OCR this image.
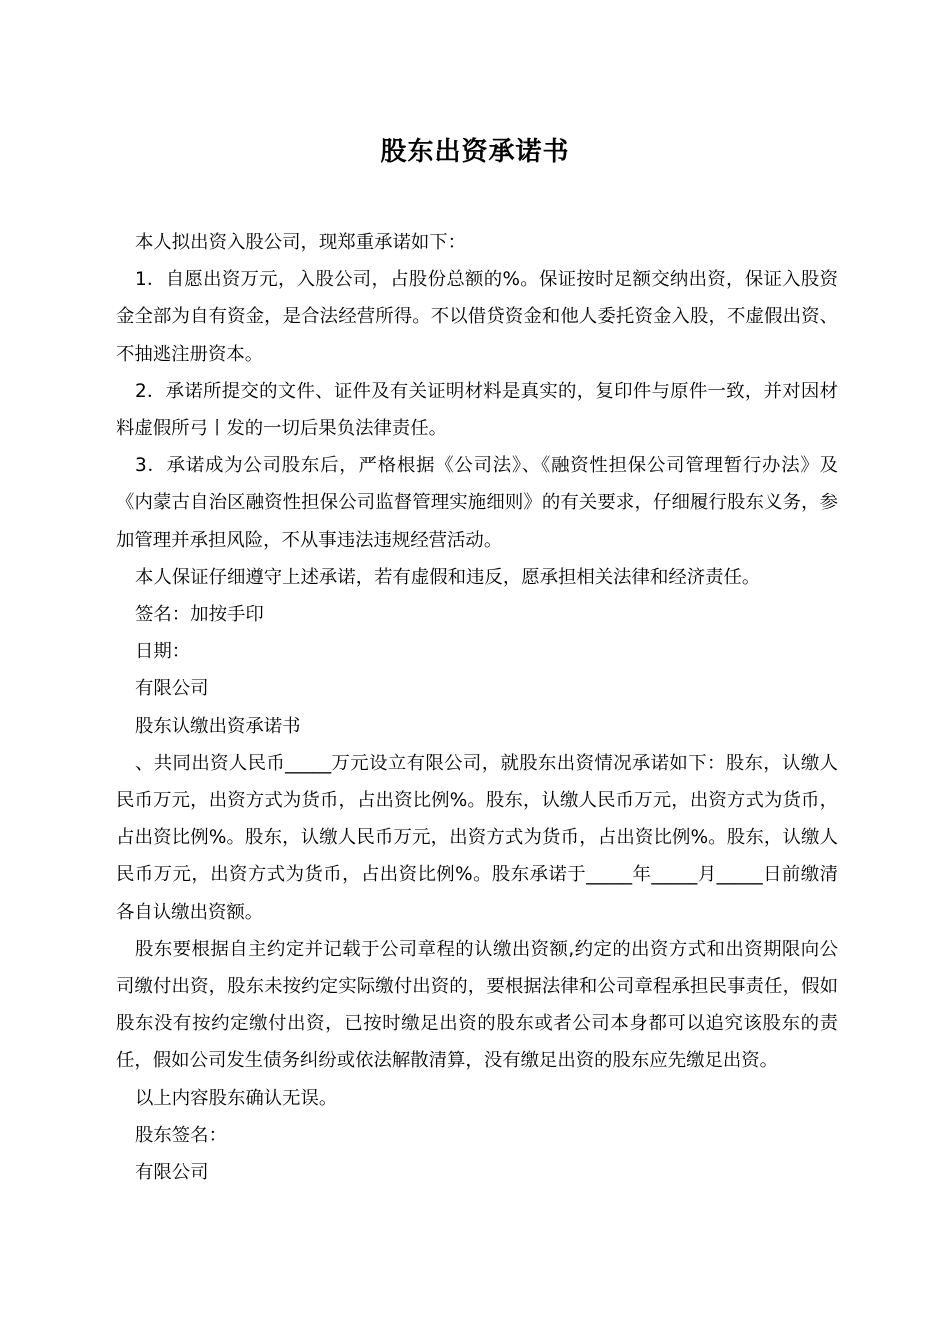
股东出资承诺书

本人拟出资入股公司，现郑重承诺如下：

1．自愿出资万元，入股公司，占股份总额的%。保证按时足额交纳出资，保证入股资金全部为自有资金，是合法经营所得。不以借贷资金和他人委托资金入股，不虚假出资、不抽逃注册资本。

2．承诺所提交的文件、证件及有关证明材料是真实的，复印件与原件一致，并对因材料虚假所弓丨发的一切后果负法律责任。

3．承诺成为公司股东后，严格根据《公司法》、《融资性担保公司管理暂行办法》及《内蒙古自治区融资性担保公司监督管理实施细则》的有关要求，仔细履行股东义务，参加管理并承担风险，不从事违法违规经营活动。

本人保证仔细遵守上述承诺，若有虚假和违反，愿承担相关法律和经济责任。

签名：加按手印

日期：

有限公司

股东认缴出资承诺书

、共同出资人民币_____万元设立有限公司，就股东出资情况承诺如下：股东，认缴人民币万元，出资方式为货币，占出资比例%。股东，认缴人民币万元，出资方式为货币，占出资比例%。股东，认缴人民币万元，出资方式为货币，占出资比例%。股东，认缴人民币万元，出资方式为货币，占出资比例%。股东承诺于_____年_____月_____日前缴清各自认缴出资额。

股东要根据自主约定并记载于公司章程的认缴出资额,约定的出资方式和出资期限向公司缴付出资，股东未按约定实际缴付出资的，要根据法律和公司章程承担民事责任，假如股东没有按约定缴付出资，已按时缴足出资的股东或者公司本身都可以追究该股东的责任，假如公司发生债务纠纷或依法解散清算，没有缴足出资的股东应先缴足出资。

以上内容股东确认无误。

股东签名：

有限公司
